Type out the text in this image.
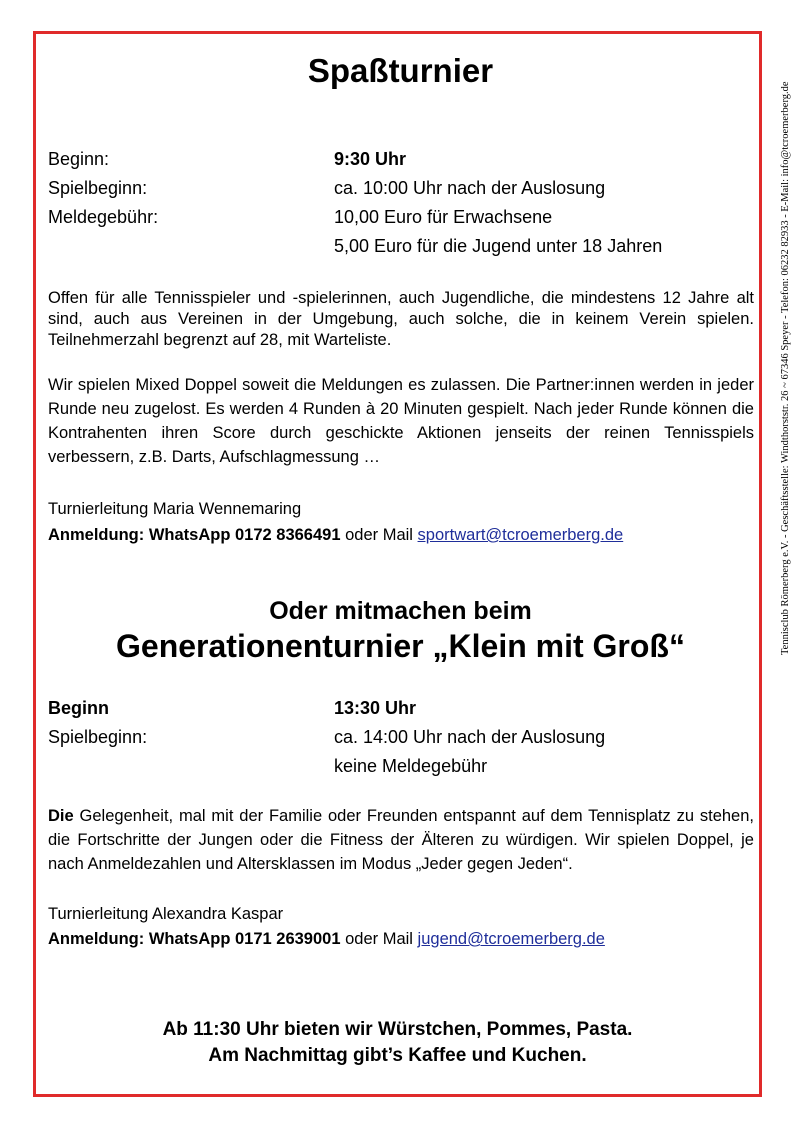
Tennisclub Römerberg e.V. - Geschäftsstelle: Windthorststr. 26 ~ 67346 Speyer - Telefon: 06232 82933 - E-Mail: info@tcroemerberg.de
Spaßturnier
Beginn:	9:30 Uhr
Spielbeginn:	ca. 10:00 Uhr nach der Auslosung
Meldegebühr:	10,00 Euro für Erwachsene
5,00 Euro für die Jugend unter 18 Jahren
Offen für alle Tennisspieler und -spielerinnen, auch Jugendliche, die mindestens 12 Jahre alt sind, auch aus Vereinen in der Umgebung, auch solche, die in keinem Verein spielen. Teilnehmerzahl begrenzt auf 28, mit Warteliste.
Wir spielen Mixed Doppel soweit die Meldungen es zulassen. Die Partner:innen werden in jeder Runde neu zugelost. Es werden 4 Runden à 20 Minuten gespielt. Nach jeder Runde können die Kontrahenten ihren Score durch geschickte Aktionen jenseits der reinen Tennisspiels verbessern, z.B. Darts, Aufschlagmessung …
Turnierleitung Maria Wennemaring
Anmeldung: WhatsApp 0172 8366491 oder Mail sportwart@tcroemerberg.de
Oder mitmachen beim
Generationenturnier „Klein mit Groß“
Beginn	13:30 Uhr
Spielbeginn:	ca. 14:00 Uhr nach der Auslosung
keine Meldegebühr
Die Gelegenheit, mal mit der Familie oder Freunden entspannt auf dem Tennisplatz zu stehen, die Fortschritte der Jungen oder die Fitness der Älteren zu würdigen. Wir spielen Doppel, je nach Anmeldezahlen und Altersklassen im Modus „Jeder gegen Jeden“.
Turnierleitung Alexandra Kaspar
Anmeldung: WhatsApp 0171 2639001 oder Mail jugend@tcroemerberg.de
Ab 11:30 Uhr bieten wir Würstchen, Pommes, Pasta.
Am Nachmittag gibt’s Kaffee und Kuchen.
